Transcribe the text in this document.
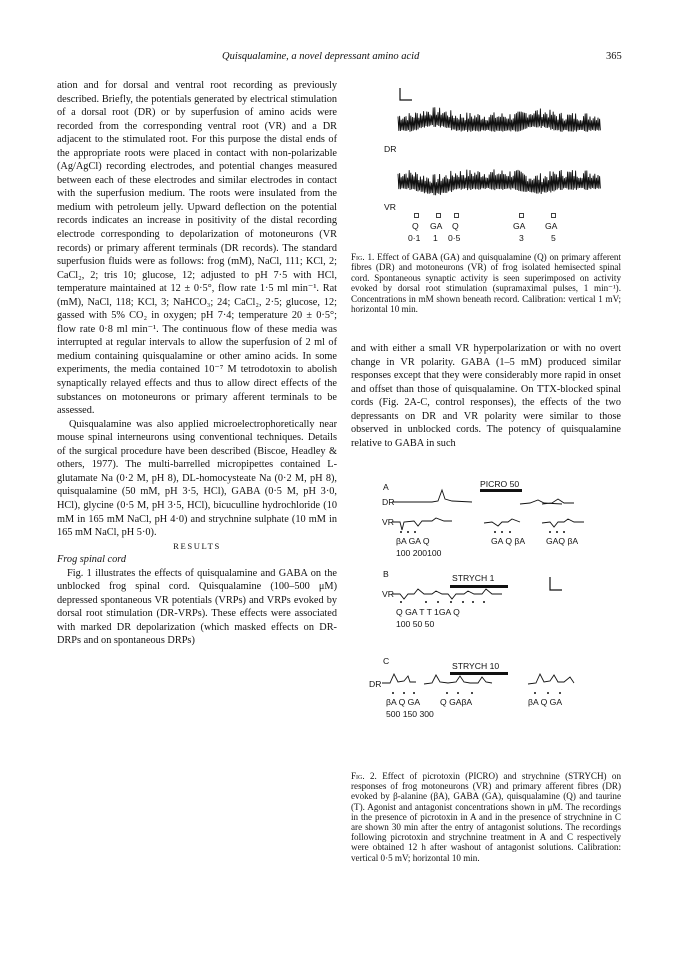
Quisqualamine, a novel depressant amino acid	365

ation and for dorsal and ventral root recording as previously described. Briefly, the potentials generated by electrical stimulation of a dorsal root (DR) or by superfusion of amino acids were recorded from the corresponding ventral root (VR) and a DR adjacent to the stimulated root. For this purpose the distal ends of the appropriate roots were placed in contact with non-polarizable (Ag/AgCl) recording electrodes, and potential changes measured between each of these electrodes and similar electrodes in contact with the superfusion medium. The roots were insulated from the medium with petroleum jelly. Upward deflection on the potential records indicates an increase in positivity of the distal recording electrode corresponding to depolarization of motoneurons (VR records) or primary afferent terminals (DR records). The standard superfusion fluids were as follows: frog (mM), NaCl, 111; KCl, 2; CaCl₂, 2; tris 10; glucose, 12; adjusted to pH 7·5 with HCl, temperature maintained at 12 ± 0·5°, flow rate 1·5 ml min⁻¹. Rat (mM), NaCl, 118; KCl, 3; NaHCO₃; 24; CaCl₂, 2·5; glucose, 12; gassed with 5% CO₂ in oxygen; pH 7·4; temperature 20 ± 0·5°; flow rate 0·8 ml min⁻¹. The continuous flow of these media was interrupted at regular intervals to allow the superfusion of 2 ml of medium containing quisqualamine or other amino acids. In some experiments, the media contained 10⁻⁷ M tetrodotoxin to abolish synaptically relayed effects and thus to allow direct effects of the substances on motoneurons or primary afferent terminals to be assessed.

Quisqualamine was also applied microelectrophoretically near mouse spinal interneurons using conventional techniques. Details of the surgical procedure have been described (Biscoe, Headley & others, 1977). The multi-barrelled micropipettes contained L-glutamate Na (0·2 M, pH 8), DL-homocysteate Na (0·2 M, pH 8), quisqualamine (50 mM, pH 3·5, HCl), GABA (0·5 M, pH 3·0, HCl), glycine (0·5 M, pH 3·5, HCl), bicuculline hydrochloride (10 mM in 165 mM NaCl, pH 4·0) and strychnine sulphate (10 mM in 165 mM NaCl, pH 5·0).

RESULTS

Frog spinal cord

Fig. 1 illustrates the effects of quisqualamine and GABA on the unblocked frog spinal cord. Quisqualamine (100–500 μM) depressed spontaneous VR potentials (VRPs) and VRPs evoked by dorsal root stimulation (DR-VRPs). These effects were associated with marked DR depolarization (which masked effects on DR-DRPs and on spontaneous DRPs)

DR
VR
Q GA Q	GA GA
0·1 1 0·5	3	5
Fig. 1. Effect of GABA (GA) and quisqualamine (Q) on primary afferent fibres (DR) and motoneurons (VR) of frog isolated hemisected spinal cord. Spontaneous synaptic activity is seen superimposed on activity evoked by dorsal root stimulation (supramaximal pulses, 1 min⁻¹). Concentrations in mM shown beneath record. Calibration: vertical 1 mV; horizontal 10 min.
and with either a small VR hyperpolarization or with no overt change in VR polarity. GABA (1–5 mM) produced similar responses except that they were considerably more rapid in onset and offset than those of quisqualamine. On TTX-blocked spinal cords (Fig. 2A-C, control responses), the effects of the two depressants on DR and VR polarity were similar to those observed in unblocked cords. The potency of quisqualamine relative to GABA in such
A	PICRO 50
DR
VR
βA GA Q	GA Q βA GAQ βA
100 200100
B	STRYCH 1
VR
Q GA T T 1GA Q
100 50 50
C	STRYCH 10
DR
βA Q GA Q GAβA	βA Q GA
500 150 300
Fig. 2. Effect of picrotoxin (PICRO) and strychnine (STRYCH) on responses of frog motoneurons (VR) and primary afferent fibres (DR) evoked by β-alanine (βA), GABA (GA), quisqualamine (Q) and taurine (T). Agonist and antagonist concentrations shown in μM. The recordings in the presence of picrotoxin in A and in the presence of strychnine in C are shown 30 min after the entry of antagonist solutions. The recordings following picrotoxin and strychnine treatment in A and C respectively were obtained 12 h after washout of antagonist solutions. Calibration: vertical 0·5 mV; horizontal 10 min.
